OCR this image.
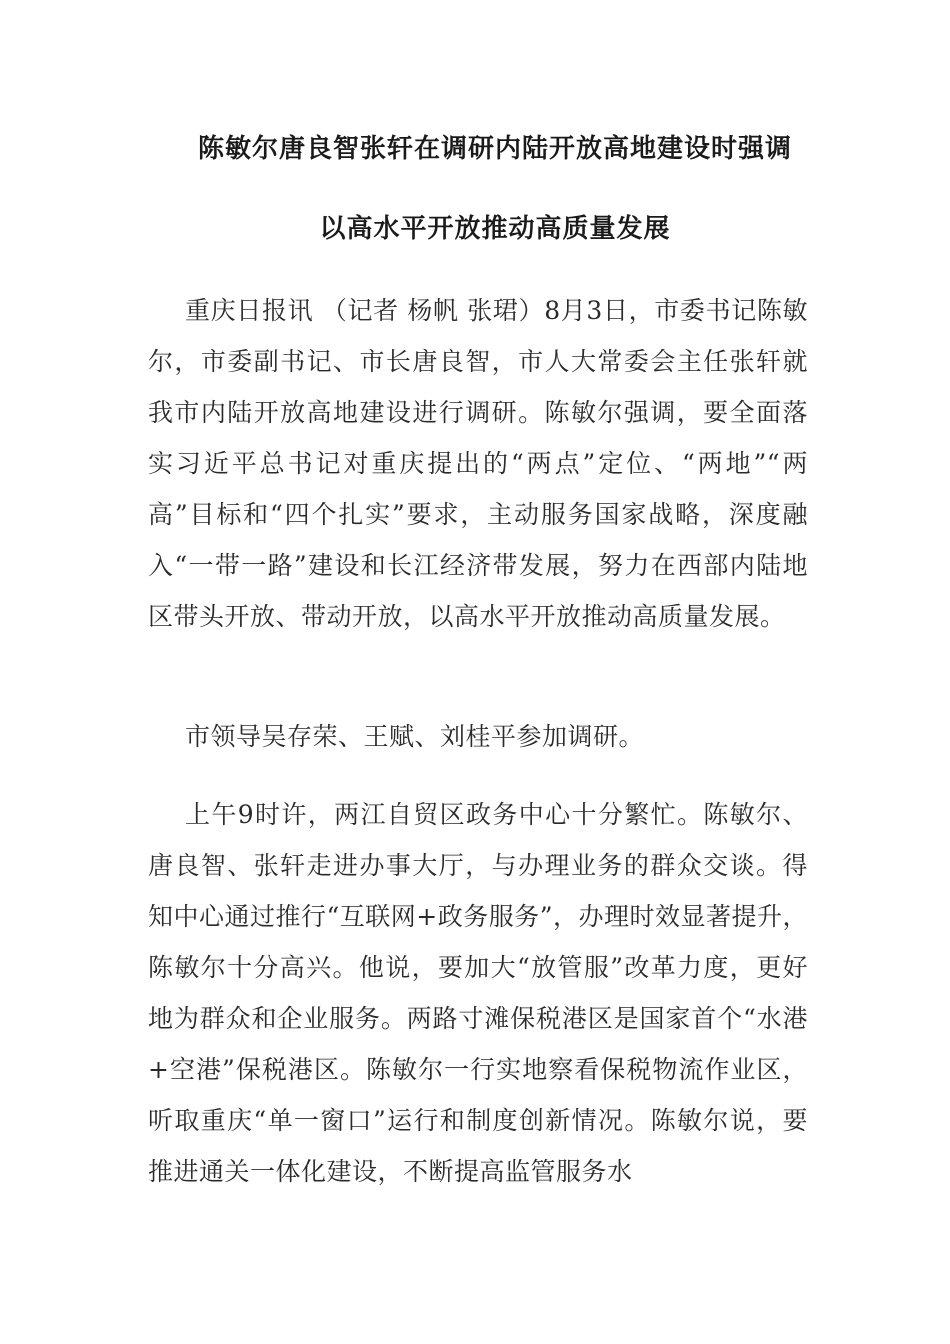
陈敏尔唐良智张轩在调研内陆开放高地建设时强调
以高水平开放推动高质量发展

重庆日报讯 （记者 杨帆 张珺）8月3日，市委书记陈敏尔，市委副书记、市长唐良智，市人大常委会主任张轩就我市内陆开放高地建设进行调研。陈敏尔强调，要全面落实习近平总书记对重庆提出的“两点”定位、“两地”“两高”目标和“四个扎实”要求，主动服务国家战略，深度融入“一带一路”建设和长江经济带发展，努力在西部内陆地区带头开放、带动开放，以高水平开放推动高质量发展。

市领导吴存荣、王赋、刘桂平参加调研。

上午9时许，两江自贸区政务中心十分繁忙。陈敏尔、唐良智、张轩走进办事大厅，与办理业务的群众交谈。得知中心通过推行“互联网+政务服务”，办理时效显著提升，陈敏尔十分高兴。他说，要加大“放管服”改革力度，更好地为群众和企业服务。两路寸滩保税港区是国家首个“水港+空港”保税港区。陈敏尔一行实地察看保税物流作业区，听取重庆“单一窗口”运行和制度创新情况。陈敏尔说，要推进通关一体化建设，不断提高监管服务水
